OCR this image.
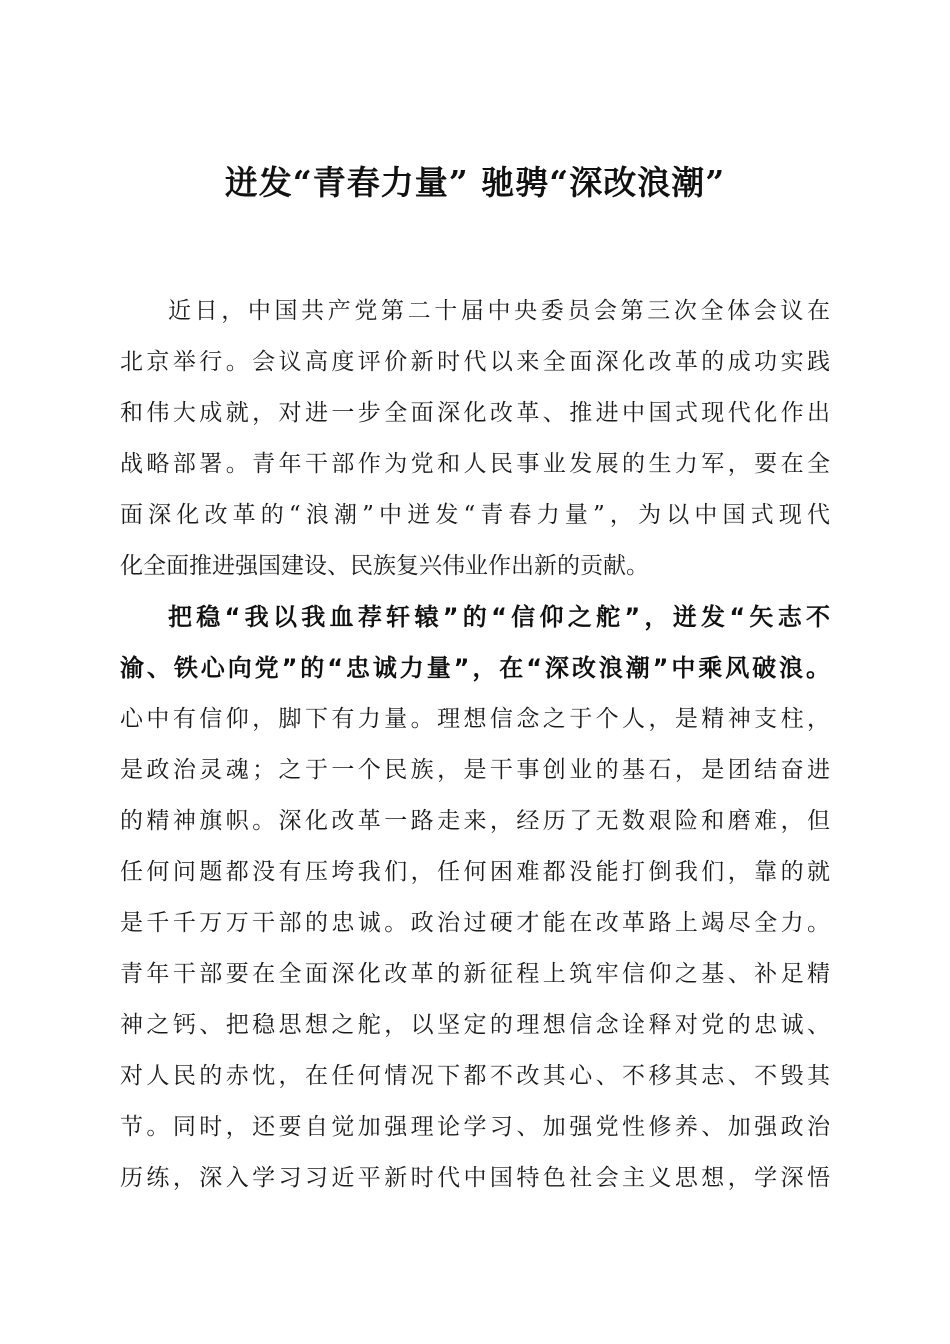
迸发“青春力量” 驰骋“深改浪潮”
近日，中国共产党第二十届中央委员会第三次全体会议在
北京举行。会议高度评价新时代以来全面深化改革的成功实践
和伟大成就，对进一步全面深化改革、推进中国式现代化作出
战略部署。青年干部作为党和人民事业发展的生力军，要在全
面深化改革的“浪潮”中迸发“青春力量”，为以中国式现代
化全面推进强国建设、民族复兴伟业作出新的贡献。
把稳“我以我血荐轩辕”的“信仰之舵”，迸发“矢志不
渝、铁心向党”的“忠诚力量”，在“深改浪潮”中乘风破浪。
心中有信仰，脚下有力量。理想信念之于个人，是精神支柱，
是政治灵魂；之于一个民族，是干事创业的基石，是团结奋进
的精神旗帜。深化改革一路走来，经历了无数艰险和磨难，但
任何问题都没有压垮我们，任何困难都没能打倒我们，靠的就
是千千万万干部的忠诚。政治过硬才能在改革路上竭尽全力。
青年干部要在全面深化改革的新征程上筑牢信仰之基、补足精
神之钙、把稳思想之舵，以坚定的理想信念诠释对党的忠诚、
对人民的赤忱，在任何情况下都不改其心、不移其志、不毁其
节。同时，还要自觉加强理论学习、加强党性修养、加强政治
历练，深入学习习近平新时代中国特色社会主义思想，学深悟
